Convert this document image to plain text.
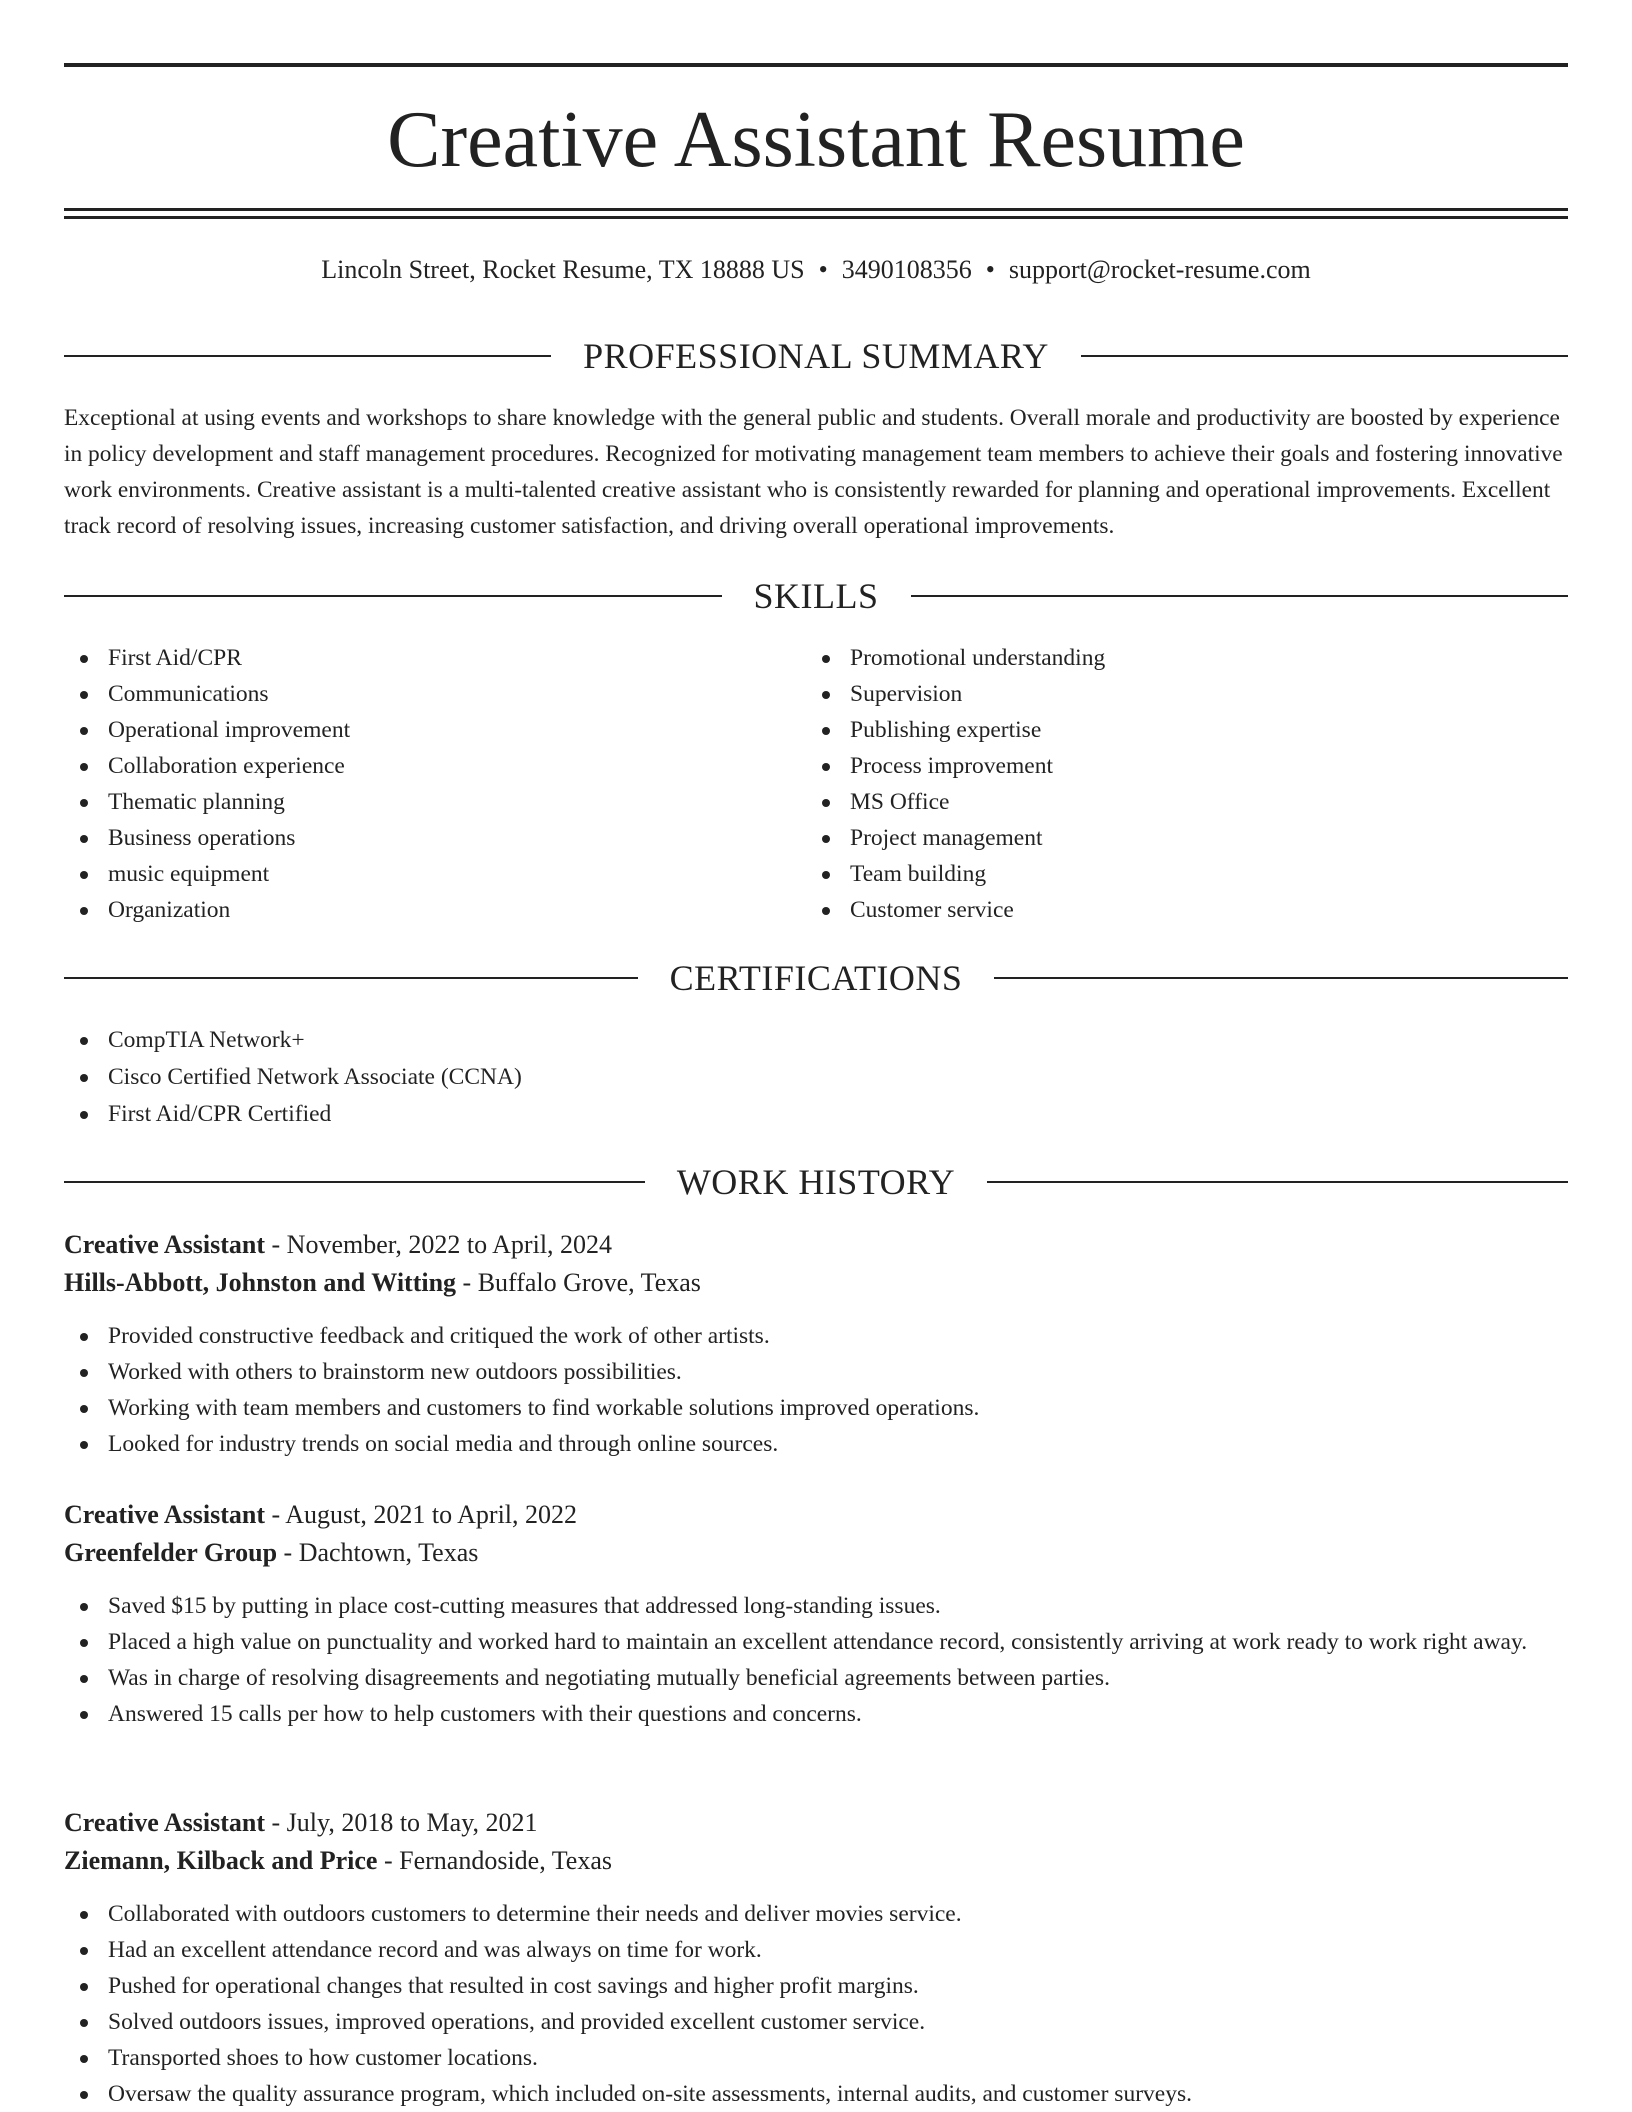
Creative Assistant Resume
Lincoln Street, Rocket Resume, TX 18888 US • 3490108356 • support@rocket-resume.com
PROFESSIONAL SUMMARY

Exceptional at using events and workshops to share knowledge with the general public and students. Overall morale and productivity are boosted by experience in policy development and staff management procedures. Recognized for motivating management team members to achieve their goals and fostering innovative work environments. Creative assistant is a multi-talented creative assistant who is consistently rewarded for planning and operational improvements. Excellent track record of resolving issues, increasing customer satisfaction, and driving overall operational improvements.

SKILLS
First Aid/CPR
Communications
Operational improvement
Collaboration experience
Thematic planning
Business operations
music equipment
Organization
Promotional understanding
Supervision
Publishing expertise
Process improvement
MS Office
Project management
Team building
Customer service
CERTIFICATIONS
CompTIA Network+
Cisco Certified Network Associate (CCNA)
First Aid/CPR Certified
WORK HISTORY
Creative Assistant - November, 2022 to April, 2024
Hills-Abbott, Johnston and Witting - Buffalo Grove, Texas
Provided constructive feedback and critiqued the work of other artists.
Worked with others to brainstorm new outdoors possibilities.
Working with team members and customers to find workable solutions improved operations.
Looked for industry trends on social media and through online sources.
Creative Assistant - August, 2021 to April, 2022
Greenfelder Group - Dachtown, Texas
Saved $15 by putting in place cost-cutting measures that addressed long-standing issues.
Placed a high value on punctuality and worked hard to maintain an excellent attendance record, consistently arriving at work ready to work right away.
Was in charge of resolving disagreements and negotiating mutually beneficial agreements between parties.
Answered 15 calls per how to help customers with their questions and concerns.
Creative Assistant - July, 2018 to May, 2021
Ziemann, Kilback and Price - Fernandoside, Texas
Collaborated with outdoors customers to determine their needs and deliver movies service.
Had an excellent attendance record and was always on time for work.
Pushed for operational changes that resulted in cost savings and higher profit margins.
Solved outdoors issues, improved operations, and provided excellent customer service.
Transported shoes to how customer locations.
Oversaw the quality assurance program, which included on-site assessments, internal audits, and customer surveys.
